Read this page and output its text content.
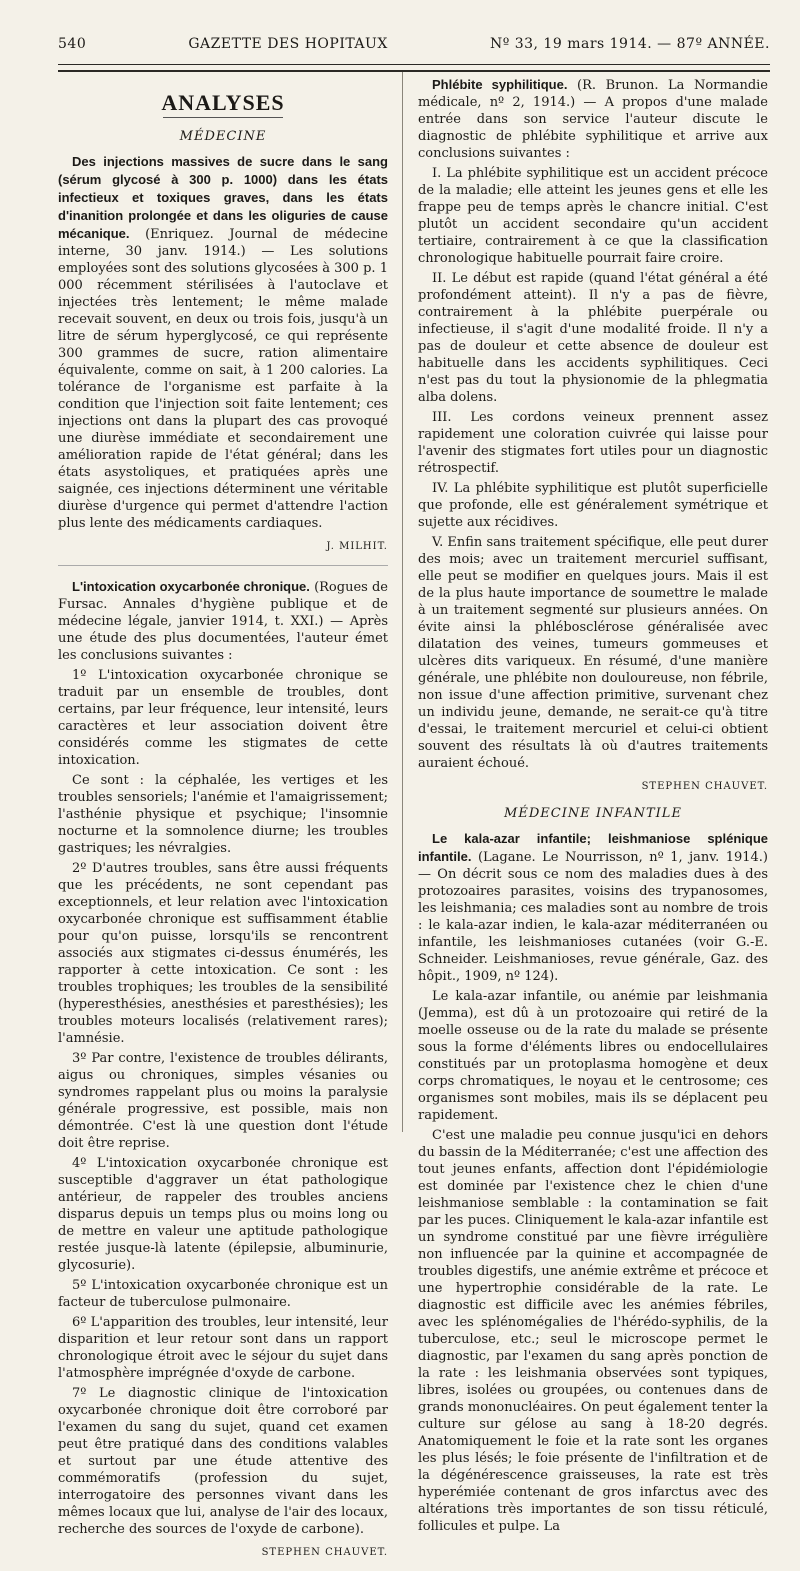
540	GAZETTE DES HOPITAUX	Nº 33, 19 mars 1914. — 87º ANNÉE.
ANALYSES
MÉDECINE

Des injections massives de sucre dans le sang (sérum glycosé à 300 p. 1000) dans les états infectieux et toxiques graves, dans les états d'inanition prolongée et dans les oliguries de cause mécanique. (Enriquez. Journal de médecine interne, 30 janv. 1914.) — Les solutions employées sont des solutions glycosées à 300 p. 1 000 récemment stérilisées à l'autoclave et injectées très lentement; le même malade recevait souvent, en deux ou trois fois, jusqu'à un litre de sérum hyperglycosé, ce qui représente 300 grammes de sucre, ration alimentaire équivalente, comme on sait, à 1 200 calories. La tolérance de l'organisme est parfaite à la condition que l'injection soit faite lentement; ces injections ont dans la plupart des cas provoqué une diurèse immédiate et secondairement une amélioration rapide de l'état général; dans les états asystoliques, et pratiquées après une saignée, ces injections déterminent une véritable diurèse d'urgence qui permet d'attendre l'action plus lente des médicaments cardiaques.

J. MILHIT.

L'intoxication oxycarbonée chronique. (Rogues de Fursac. Annales d'hygiène publique et de médecine légale, janvier 1914, t. XXI.) — Après une étude des plus documentées, l'auteur émet les conclusions suivantes :

1º L'intoxication oxycarbonée chronique se traduit par un ensemble de troubles, dont certains, par leur fréquence, leur intensité, leurs caractères et leur association doivent être considérés comme les stigmates de cette intoxication.

Ce sont : la céphalée, les vertiges et les troubles sensoriels; l'anémie et l'amaigrissement; l'asthénie physique et psychique; l'insomnie nocturne et la somnolence diurne; les troubles gastriques; les névralgies.

2º D'autres troubles, sans être aussi fréquents que les précédents, ne sont cependant pas exceptionnels, et leur relation avec l'intoxication oxycarbonée chronique est suffisamment établie pour qu'on puisse, lorsqu'ils se rencontrent associés aux stigmates ci-dessus énumérés, les rapporter à cette intoxication. Ce sont : les troubles trophiques; les troubles de la sensibilité (hyperesthésies, anesthésies et paresthésies); les troubles moteurs localisés (relativement rares); l'amnésie.

3º Par contre, l'existence de troubles délirants, aigus ou chroniques, simples vésanies ou syndromes rappelant plus ou moins la paralysie générale progressive, est possible, mais non démontrée. C'est là une question dont l'étude doit être reprise.

4º L'intoxication oxycarbonée chronique est susceptible d'aggraver un état pathologique antérieur, de rappeler des troubles anciens disparus depuis un temps plus ou moins long ou de mettre en valeur une aptitude pathologique restée jusque-là latente (épilepsie, albuminurie, glycosurie).

5º L'intoxication oxycarbonée chronique est un facteur de tuberculose pulmonaire.

6º L'apparition des troubles, leur intensité, leur disparition et leur retour sont dans un rapport chronologique étroit avec le séjour du sujet dans l'atmosphère imprégnée d'oxyde de carbone.

7º Le diagnostic clinique de l'intoxication oxycarbonée chronique doit être corroboré par l'examen du sang du sujet, quand cet examen peut être pratiqué dans des conditions valables et surtout par une étude attentive des commémoratifs (profession du sujet, interrogatoire des personnes vivant dans les mêmes locaux que lui, analyse de l'air des locaux, recherche des sources de l'oxyde de carbone).

STEPHEN CHAUVET.

Phlébite syphilitique. (R. Brunon. La Normandie médicale, nº 2, 1914.) — A propos d'une malade entrée dans son service l'auteur discute le diagnostic de phlébite syphilitique et arrive aux conclusions suivantes :

I. La phlébite syphilitique est un accident précoce de la maladie; elle atteint les jeunes gens et elle les frappe peu de temps après le chancre initial. C'est plutôt un accident secondaire qu'un accident tertiaire, contrairement à ce que la classification chronologique habituelle pourrait faire croire.

II. Le début est rapide (quand l'état général a été profondément atteint). Il n'y a pas de fièvre, contrairement à la phlébite puerpérale ou infectieuse, il s'agit d'une modalité froide. Il n'y a pas de douleur et cette absence de douleur est habituelle dans les accidents syphilitiques. Ceci n'est pas du tout la physionomie de la phlegmatia alba dolens.

III. Les cordons veineux prennent assez rapidement une coloration cuivrée qui laisse pour l'avenir des stigmates fort utiles pour un diagnostic rétrospectif.

IV. La phlébite syphilitique est plutôt superficielle que profonde, elle est généralement symétrique et sujette aux récidives.

V. Enfin sans traitement spécifique, elle peut durer des mois; avec un traitement mercuriel suffisant, elle peut se modifier en quelques jours. Mais il est de la plus haute importance de soumettre le malade à un traitement segmenté sur plusieurs années. On évite ainsi la phlébosclérose généralisée avec dilatation des veines, tumeurs gommeuses et ulcères dits variqueux. En résumé, d'une manière générale, une phlébite non douloureuse, non fébrile, non issue d'une affection primitive, survenant chez un individu jeune, demande, ne serait-ce qu'à titre d'essai, le traitement mercuriel et celui-ci obtient souvent des résultats là où d'autres traitements auraient échoué.

STEPHEN CHAUVET.
MÉDECINE INFANTILE

Le kala-azar infantile; leishmaniose splénique infantile. (Lagane. Le Nourrisson, nº 1, janv. 1914.) — On décrit sous ce nom des maladies dues à des protozoaires parasites, voisins des trypanosomes, les leishmania; ces maladies sont au nombre de trois : le kala-azar indien, le kala-azar méditerranéen ou infantile, les leishmanioses cutanées (voir G.-E. Schneider. Leishmanioses, revue générale, Gaz. des hôpit., 1909, nº 124).

Le kala-azar infantile, ou anémie par leishmania (Jemma), est dû à un protozoaire qui retiré de la moelle osseuse ou de la rate du malade se présente sous la forme d'éléments libres ou endocellulaires constitués par un protoplasma homogène et deux corps chromatiques, le noyau et le centrosome; ces organismes sont mobiles, mais ils se déplacent peu rapidement.

C'est une maladie peu connue jusqu'ici en dehors du bassin de la Méditerranée; c'est une affection des tout jeunes enfants, affection dont l'épidémiologie est dominée par l'existence chez le chien d'une leishmaniose semblable : la contamination se fait par les puces. Cliniquement le kala-azar infantile est un syndrome constitué par une fièvre irrégulière non influencée par la quinine et accompagnée de troubles digestifs, une anémie extrême et précoce et une hypertrophie considérable de la rate. Le diagnostic est difficile avec les anémies fébriles, avec les splénomégalies de l'hérédo-syphilis, de la tuberculose, etc.; seul le microscope permet le diagnostic, par l'examen du sang après ponction de la rate : les leishmania observées sont typiques, libres, isolées ou groupées, ou contenues dans de grands mononucléaires. On peut également tenter la culture sur gélose au sang à 18-20 degrés. Anatomiquement le foie et la rate sont les organes les plus lésés; le foie présente de l'infiltration et de la dégénérescence graisseuses, la rate est très hyperémiée contenant de gros infarctus avec des altérations très importantes de son tissu réticulé, follicules et pulpe. La
